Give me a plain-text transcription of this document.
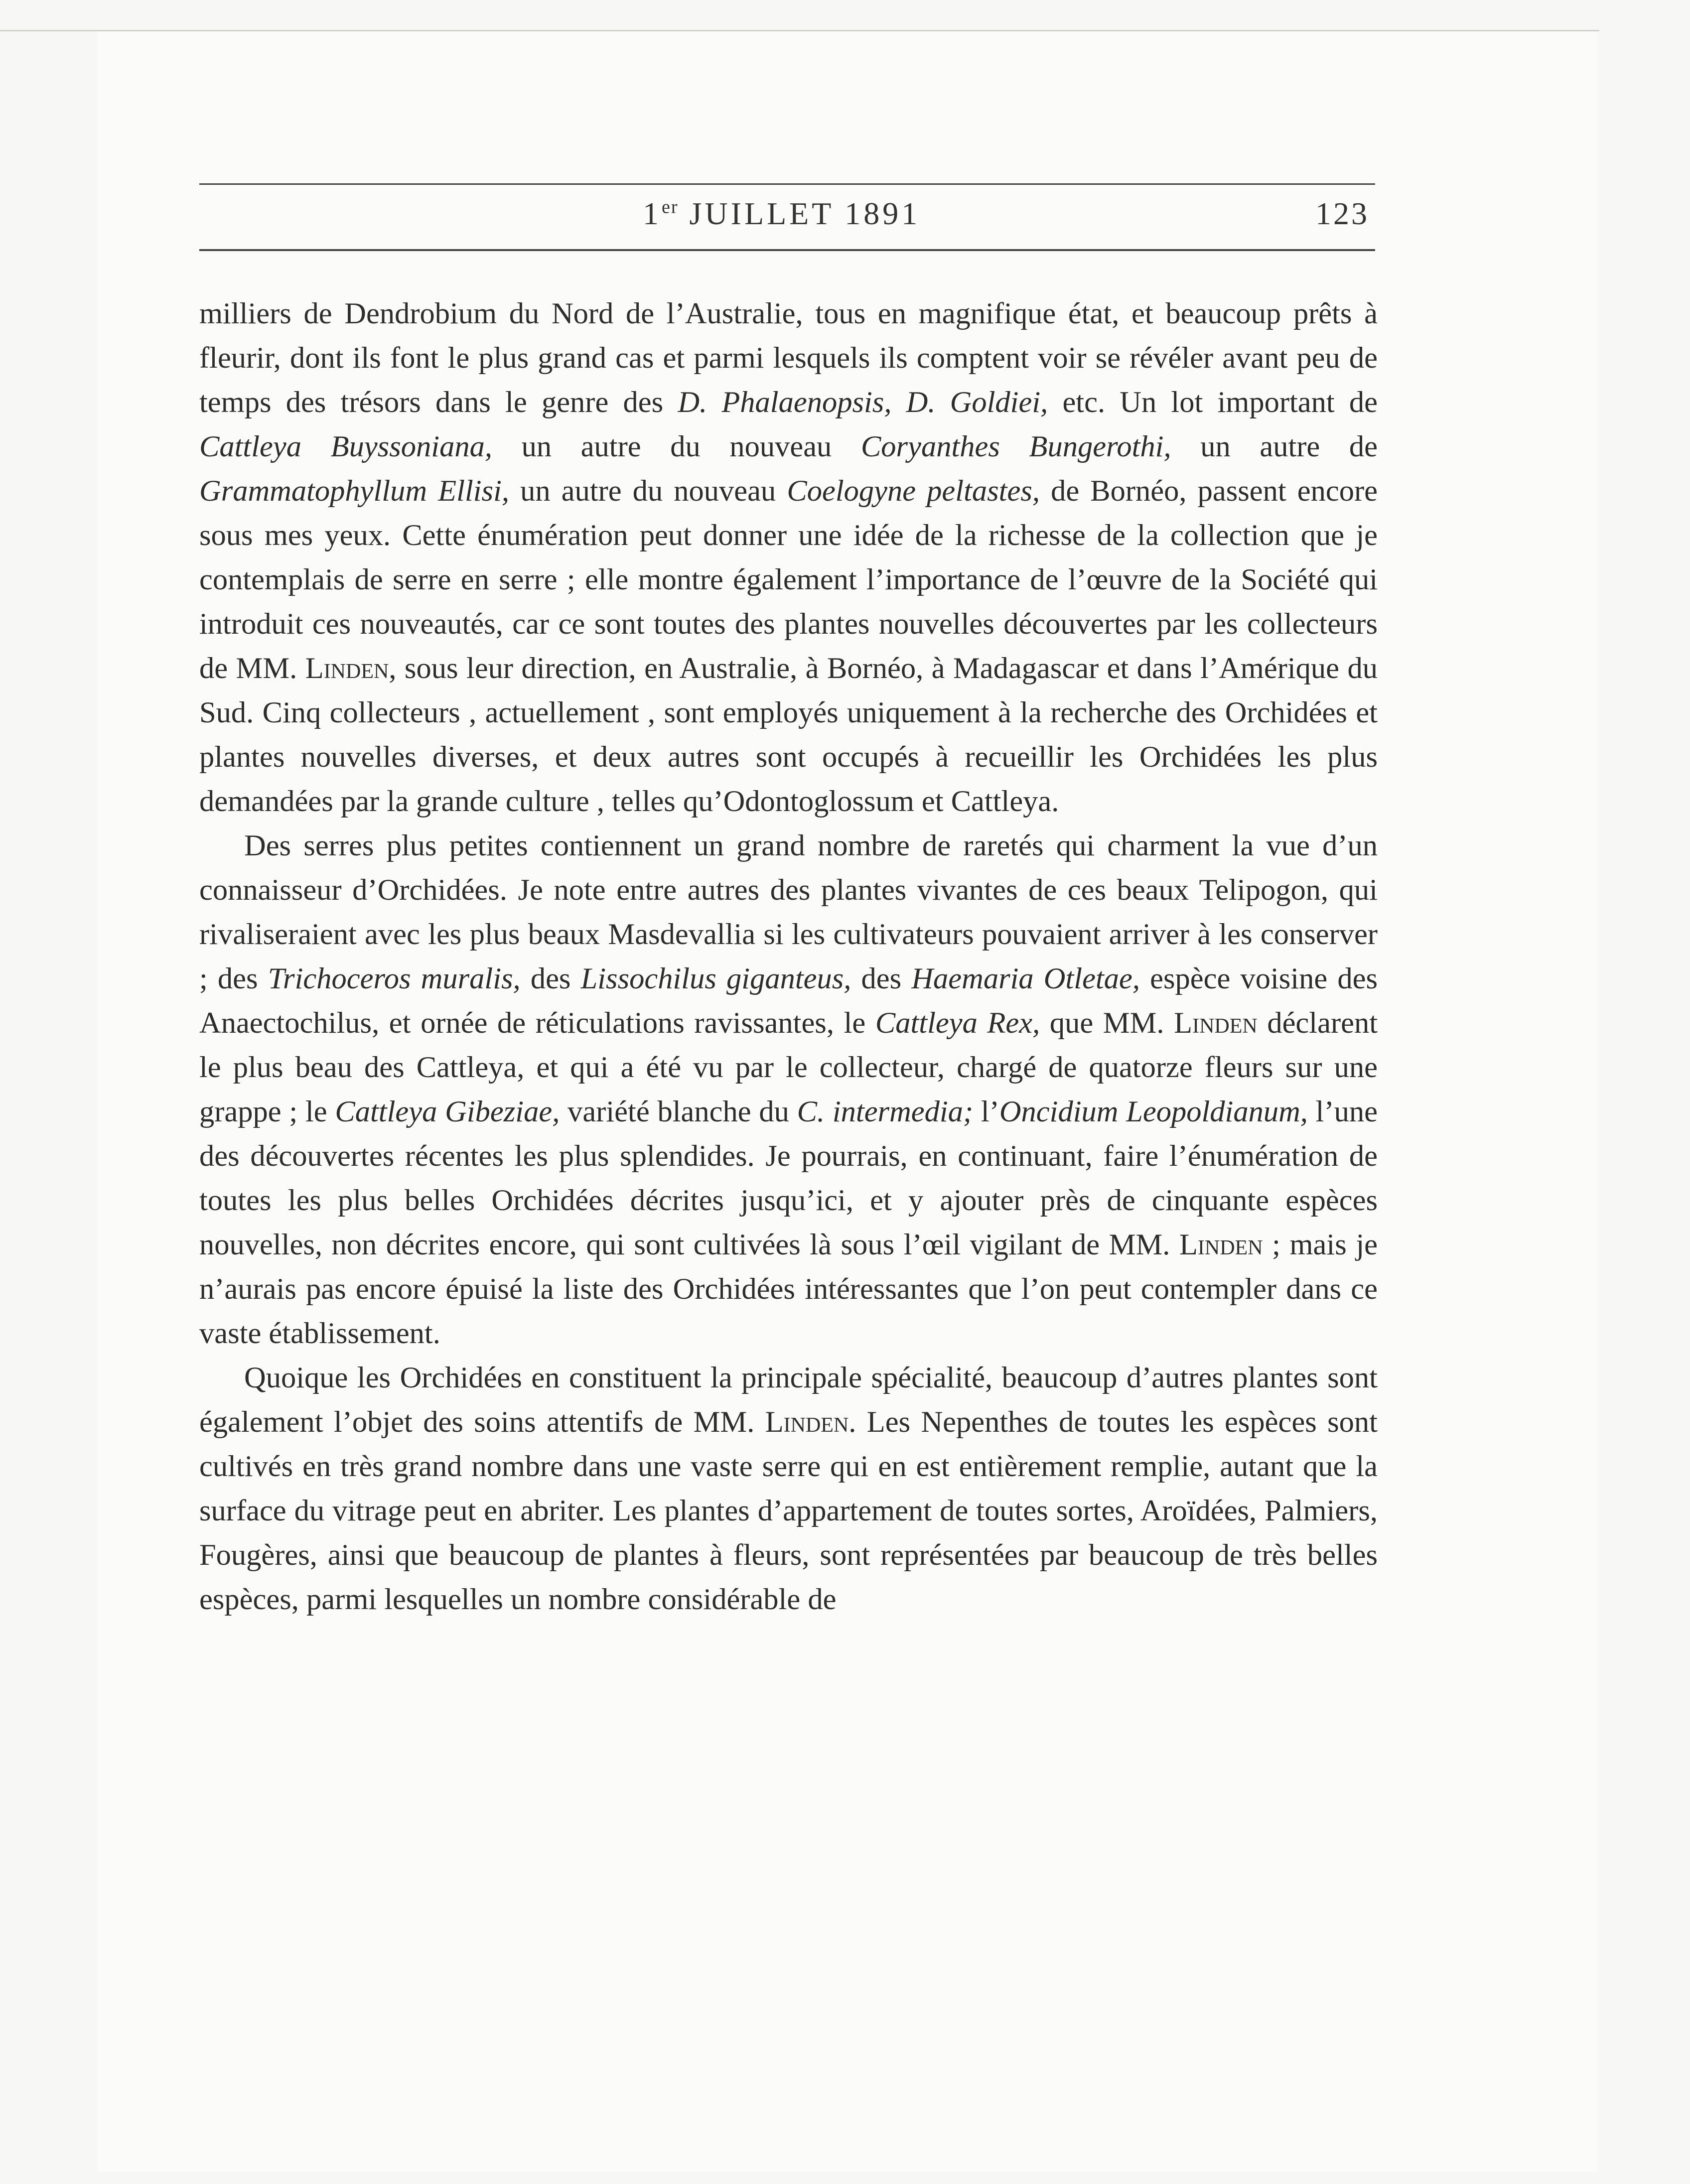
1er JUILLET 1891	123

milliers de Dendrobium du Nord de l’Australie, tous en magnifique état, et beaucoup prêts à fleurir, dont ils font le plus grand cas et parmi lesquels ils comptent voir se révéler avant peu de temps des trésors dans le genre des D. Phalaenopsis, D. Goldiei, etc. Un lot important de Cattleya Buyssoniana, un autre du nouveau Coryanthes Bungerothi, un autre de Grammatophyllum Ellisi, un autre du nouveau Coelogyne peltastes, de Bornéo, passent encore sous mes yeux. Cette énumération peut donner une idée de la richesse de la collection que je contemplais de serre en serre ; elle montre également l’importance de l’œuvre de la Société qui introduit ces nouveautés, car ce sont toutes des plantes nouvelles découvertes par les collecteurs de MM. Linden, sous leur direction, en Australie, à Bornéo, à Madagascar et dans l’Amérique du Sud. Cinq collecteurs , actuellement , sont employés uniquement à la recherche des Orchidées et plantes nouvelles diverses, et deux autres sont occupés à recueillir les Orchidées les plus demandées par la grande culture , telles qu’Odontoglossum et Cattleya.

Des serres plus petites contiennent un grand nombre de raretés qui charment la vue d’un connaisseur d’Orchidées. Je note entre autres des plantes vivantes de ces beaux Telipogon, qui rivaliseraient avec les plus beaux Masdevallia si les cultivateurs pouvaient arriver à les conserver ; des Trichoceros muralis, des Lissochilus giganteus, des Haemaria Otletae, espèce voisine des Anaectochilus, et ornée de réticulations ravissantes, le Cattleya Rex, que MM. Linden déclarent le plus beau des Cattleya, et qui a été vu par le collecteur, chargé de quatorze fleurs sur une grappe ; le Cattleya Gibeziae, variété blanche du C. intermedia; l’Oncidium Leopoldianum, l’une des découvertes récentes les plus splendides. Je pourrais, en continuant, faire l’énumération de toutes les plus belles Orchidées décrites jusqu’ici, et y ajouter près de cinquante espèces nouvelles, non décrites encore, qui sont cultivées là sous l’œil vigilant de MM. Linden ; mais je n’aurais pas encore épuisé la liste des Orchidées intéressantes que l’on peut contempler dans ce vaste établissement.

Quoique les Orchidées en constituent la principale spécialité, beaucoup d’autres plantes sont également l’objet des soins attentifs de MM. Linden. Les Nepenthes de toutes les espèces sont cultivés en très grand nombre dans une vaste serre qui en est entièrement remplie, autant que la surface du vitrage peut en abriter. Les plantes d’appartement de toutes sortes, Aroïdées, Palmiers, Fougères, ainsi que beaucoup de plantes à fleurs, sont représentées par beaucoup de très belles espèces, parmi lesquelles un nombre considérable de
